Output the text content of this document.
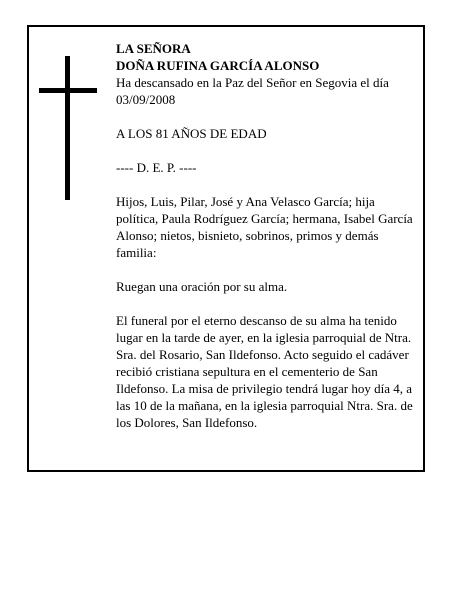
LA SEÑORA

DOÑA RUFINA GARCÍA ALONSO

Ha descansado en la Paz del Señor en Segovia el día 03/09/2008

A LOS 81 AÑOS DE EDAD

---- D. E. P. ----

Hijos, Luis, Pilar, José y Ana Velasco García; hija política, Paula Rodríguez García; hermana, Isabel García Alonso; nietos, bisnieto, sobrinos, primos y demás familia:

Ruegan una oración por su alma.

El funeral por el eterno descanso de su alma ha tenido lugar en la tarde de ayer, en la iglesia parroquial de Ntra. Sra. del Rosario, San Ildefonso. Acto seguido el cadáver recibió cristiana sepultura en el cementerio de San Ildefonso. La misa de privilegio tendrá lugar hoy día 4, a las 10 de la mañana, en la iglesia parroquial Ntra. Sra. de los Dolores, San Ildefonso.
